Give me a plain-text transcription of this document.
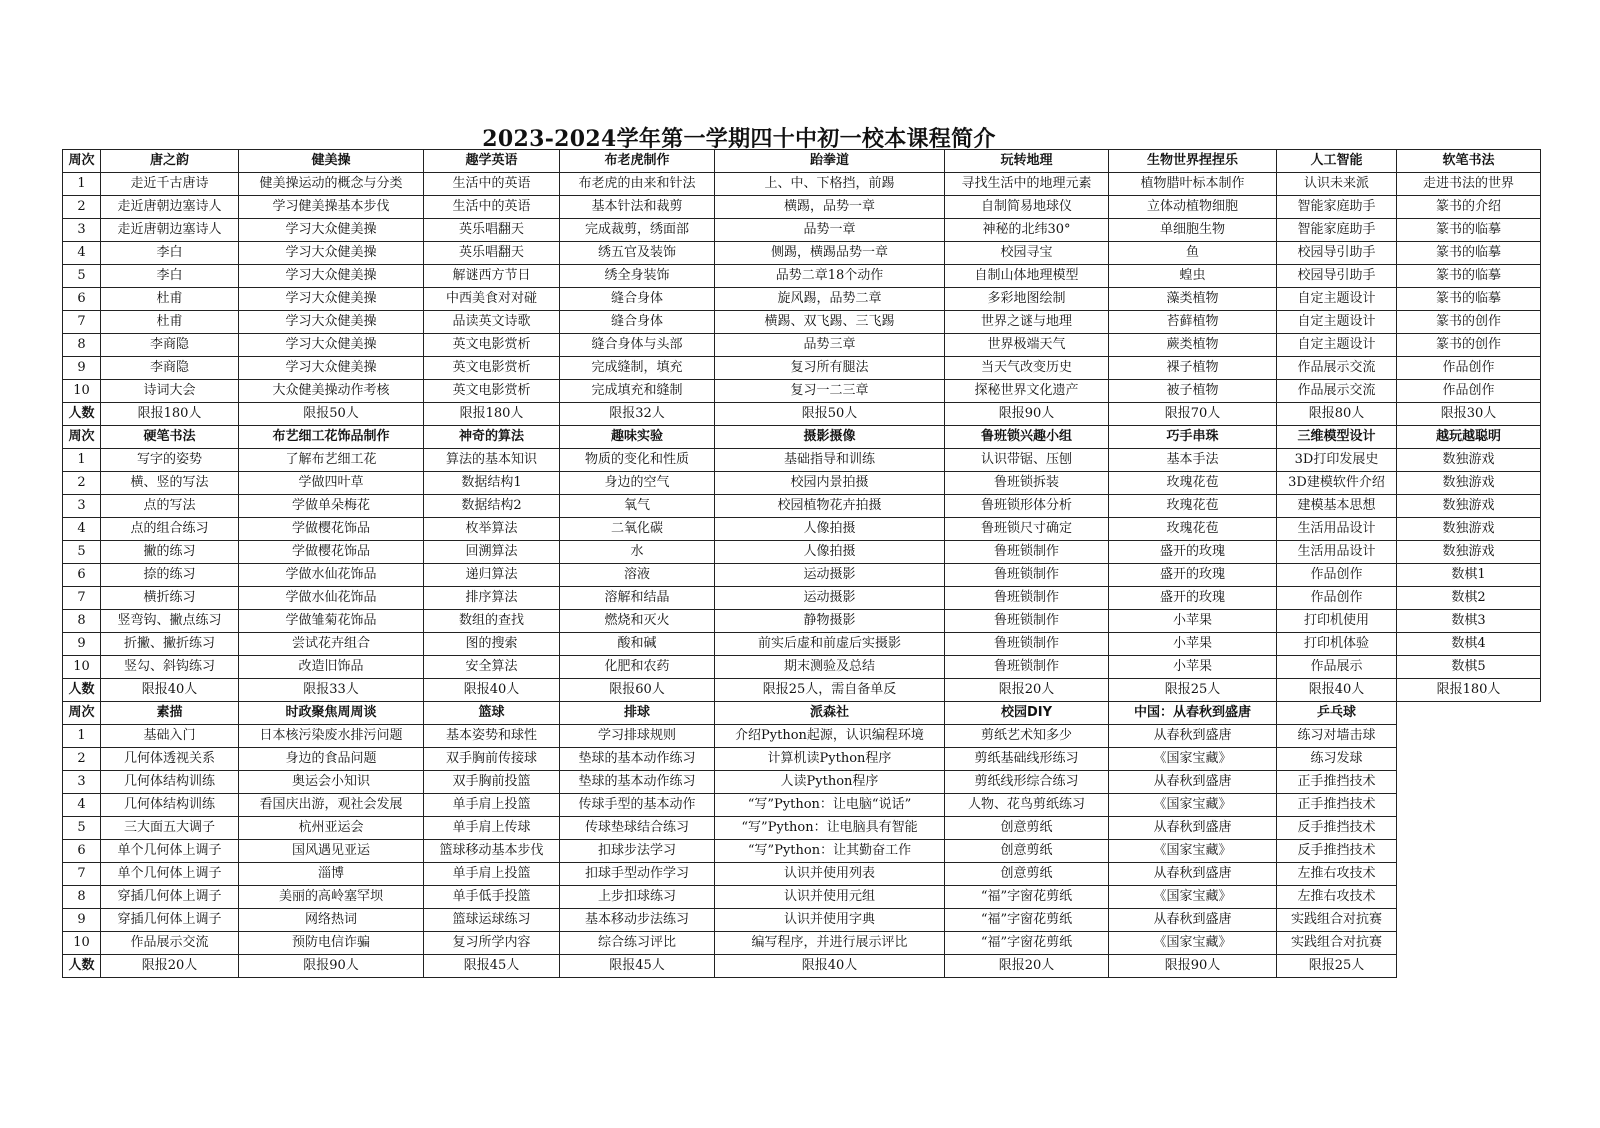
2023-2024学年第一学期四十中初一校本课程简介
周次	唐之韵	健美操	趣学英语	布老虎制作	跆拳道	玩转地理	生物世界捏捏乐	人工智能	软笔书法
1	走近千古唐诗	健美操运动的概念与分类	生活中的英语	布老虎的由来和针法	上、中、下格挡，前踢	寻找生活中的地理元素	植物腊叶标本制作	认识未来派	走进书法的世界
2	走近唐朝边塞诗人	学习健美操基本步伐	生活中的英语	基本针法和裁剪	横踢，品势一章	自制简易地球仪	立体动植物细胞	智能家庭助手	篆书的介绍
3	走近唐朝边塞诗人	学习大众健美操	英乐唱翻天	完成裁剪，绣面部	品势一章	神秘的北纬30°	单细胞生物	智能家庭助手	篆书的临摹
4	李白	学习大众健美操	英乐唱翻天	绣五官及装饰	侧踢，横踢品势一章	校园寻宝	鱼	校园导引助手	篆书的临摹
5	李白	学习大众健美操	解谜西方节日	绣全身装饰	品势二章18个动作	自制山体地理模型	蝗虫	校园导引助手	篆书的临摹
6	杜甫	学习大众健美操	中西美食对对碰	缝合身体	旋风踢，品势二章	多彩地图绘制	藻类植物	自定主题设计	篆书的临摹
7	杜甫	学习大众健美操	品读英文诗歌	缝合身体	横踢、双飞踢、三飞踢	世界之谜与地理	苔藓植物	自定主题设计	篆书的创作
8	李商隐	学习大众健美操	英文电影赏析	缝合身体与头部	品势三章	世界极端天气	蕨类植物	自定主题设计	篆书的创作
9	李商隐	学习大众健美操	英文电影赏析	完成缝制，填充	复习所有腿法	当天气改变历史	裸子植物	作品展示交流	作品创作
10	诗词大会	大众健美操动作考核	英文电影赏析	完成填充和缝制	复习一二三章	探秘世界文化遗产	被子植物	作品展示交流	作品创作
人数	限报180人	限报50人	限报180人	限报32人	限报50人	限报90人	限报70人	限报80人	限报30人
周次	硬笔书法	布艺细工花饰品制作	神奇的算法	趣味实验	摄影摄像	鲁班锁兴趣小组	巧手串珠	三维模型设计	越玩越聪明
1	写字的姿势	了解布艺细工花	算法的基本知识	物质的变化和性质	基础指导和训练	认识带锯、压刨	基本手法	3D打印发展史	数独游戏
2	横、竖的写法	学做四叶草	数据结构1	身边的空气	校园内景拍摄	鲁班锁拆装	玫瑰花苞	3D建模软件介绍	数独游戏
3	点的写法	学做单朵梅花	数据结构2	氧气	校园植物花卉拍摄	鲁班锁形体分析	玫瑰花苞	建模基本思想	数独游戏
4	点的组合练习	学做樱花饰品	枚举算法	二氧化碳	人像拍摄	鲁班锁尺寸确定	玫瑰花苞	生活用品设计	数独游戏
5	撇的练习	学做樱花饰品	回溯算法	水	人像拍摄	鲁班锁制作	盛开的玫瑰	生活用品设计	数独游戏
6	捺的练习	学做水仙花饰品	递归算法	溶液	运动摄影	鲁班锁制作	盛开的玫瑰	作品创作	数棋1
7	横折练习	学做水仙花饰品	排序算法	溶解和结晶	运动摄影	鲁班锁制作	盛开的玫瑰	作品创作	数棋2
8	竖弯钩、撇点练习	学做雏菊花饰品	数组的查找	燃烧和灭火	静物摄影	鲁班锁制作	小苹果	打印机使用	数棋3
9	折撇、撇折练习	尝试花卉组合	图的搜索	酸和碱	前实后虚和前虚后实摄影	鲁班锁制作	小苹果	打印机体验	数棋4
10	竖勾、斜钩练习	改造旧饰品	安全算法	化肥和农药	期末测验及总结	鲁班锁制作	小苹果	作品展示	数棋5
人数	限报40人	限报33人	限报40人	限报60人	限报25人，需自备单反	限报20人	限报25人	限报40人	限报180人
周次	素描	时政聚焦周周谈	篮球	排球	派森社	校园DIY	中国：从春秋到盛唐	乒乓球	
1	基础入门	日本核污染废水排污问题	基本姿势和球性	学习排球规则	介绍Python起源，认识编程环境	剪纸艺术知多少	从春秋到盛唐	练习对墙击球	
2	几何体透视关系	身边的食品问题	双手胸前传接球	垫球的基本动作练习	计算机读Python程序	剪纸基础线形练习	《国家宝藏》	练习发球	
3	几何体结构训练	奥运会小知识	双手胸前投篮	垫球的基本动作练习	人读Python程序	剪纸线形综合练习	从春秋到盛唐	正手推挡技术	
4	几何体结构训练	看国庆出游，观社会发展	单手肩上投篮	传球手型的基本动作	“写”Python：让电脑“说话”	人物、花鸟剪纸练习	《国家宝藏》	正手推挡技术	
5	三大面五大调子	杭州亚运会	单手肩上传球	传球垫球结合练习	“写”Python：让电脑具有智能	创意剪纸	从春秋到盛唐	反手推挡技术	
6	单个几何体上调子	国风遇见亚运	篮球移动基本步伐	扣球步法学习	“写”Python：让其勤奋工作	创意剪纸	《国家宝藏》	反手推挡技术	
7	单个几何体上调子	淄博	单手肩上投篮	扣球手型动作学习	认识并使用列表	创意剪纸	从春秋到盛唐	左推右攻技术	
8	穿插几何体上调子	美丽的高岭塞罕坝	单手低手投篮	上步扣球练习	认识并使用元组	“福”字窗花剪纸	《国家宝藏》	左推右攻技术	
9	穿插几何体上调子	网络热词	篮球运球练习	基本移动步法练习	认识并使用字典	“福”字窗花剪纸	从春秋到盛唐	实践组合对抗赛	
10	作品展示交流	预防电信诈骗	复习所学内容	综合练习评比	编写程序，并进行展示评比	“福”字窗花剪纸	《国家宝藏》	实践组合对抗赛	
人数	限报20人	限报90人	限报45人	限报45人	限报40人	限报20人	限报90人	限报25人	
